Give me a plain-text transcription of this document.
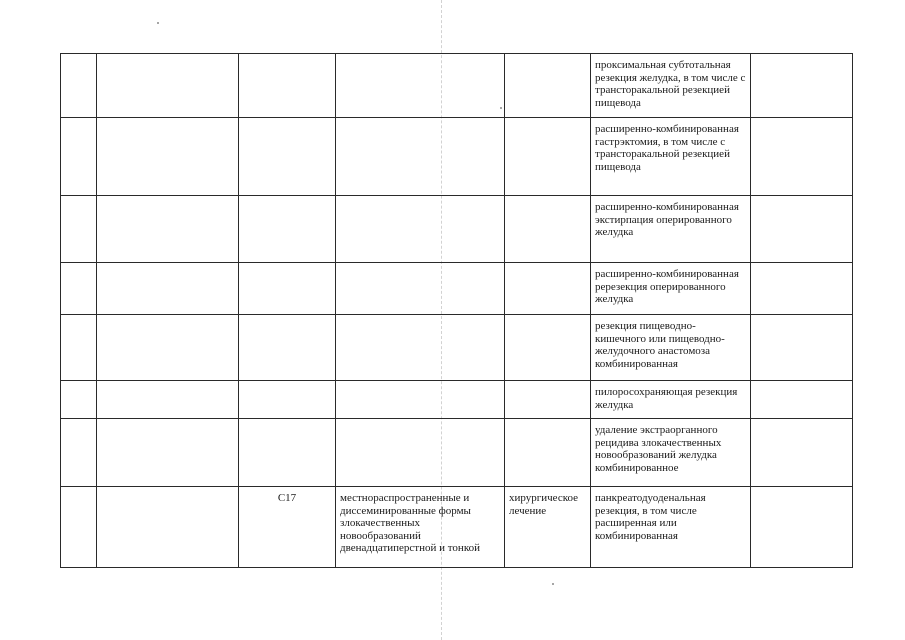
					проксимальная субтотальная резекция желудка, в том числе с трансторакальной резекцией пищевода	
					расширенно-комбинированная гастрэктомия, в том числе с трансторакальной резекцией пищевода	
					расширенно-комбинированная экстирпация оперированного желудка	
					расширенно-комбинированная ререзекция оперированного желудка	
					резекция пищеводно-кишечного или пищеводно-желудочного анастомоза комбинированная	
					пилоросохраняющая резекция желудка	
					удаление экстраорганного рецидива злокачественных новообразований желудка комбинированное	
		C17	местнораспространенные и диссеминированные формы злокачественных новообразований двенадцатиперстной и тонкой	хирургическое лечение	панкреатодуоденальная резекция, в том числе расширенная или комбинированная	
